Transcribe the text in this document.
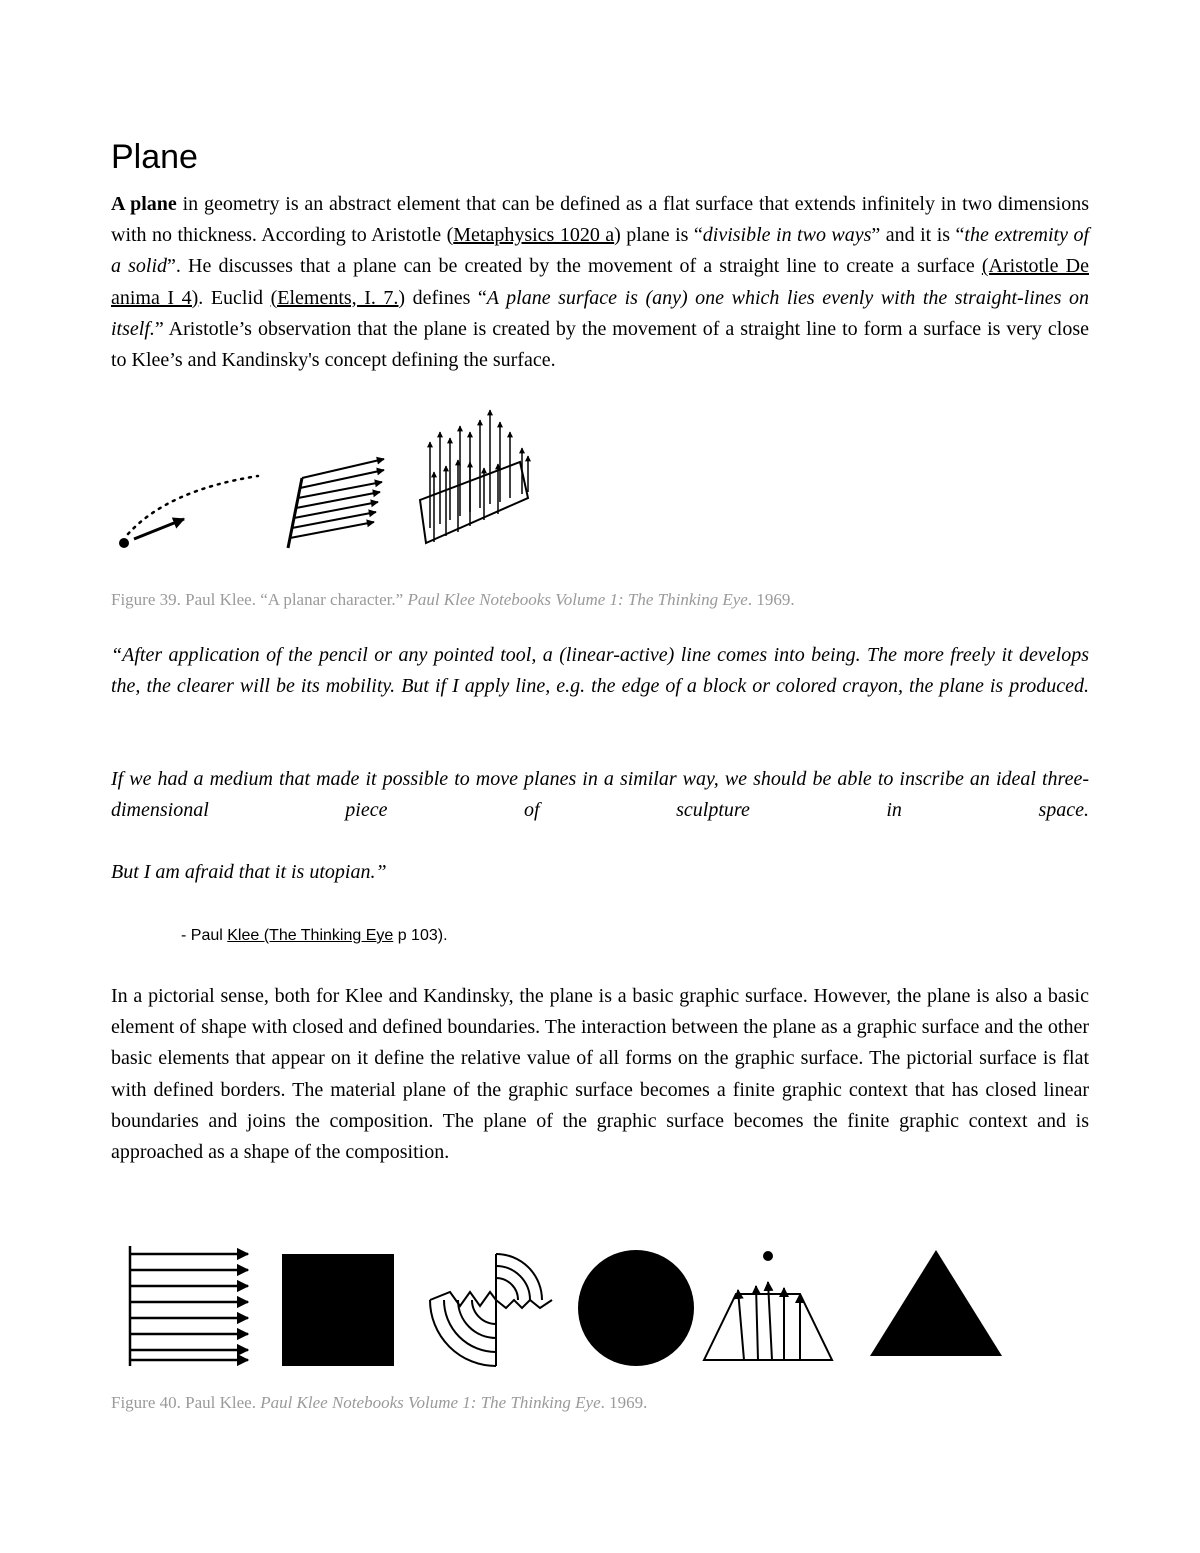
Plane

A plane in geometry is an abstract element that can be defined as a flat surface that extends infinitely in two dimensions with no thickness. According to Aristotle (Metaphysics 1020 a) plane is “divisible in two ways” and it is “the extremity of a solid”. He discusses that a plane can be created by the movement of a straight line to create a surface (Aristotle De anima I 4). Euclid (Elements, I. 7.) defines “A plane surface is (any) one which lies evenly with the straight-lines on itself.” Aristotle’s observation that the plane is created by the movement of a straight line to form a surface is very close to Klee’s and Kandinsky's concept defining the surface.

Figure 39. Paul Klee. “A planar character.” Paul Klee Notebooks Volume 1: The Thinking Eye. 1969.

“After application of the pencil or any pointed tool, a (linear-active) line comes into being. The more freely it develops the, the clearer will be its mobility. But if I apply line, e.g. the edge of a block or colored crayon, the plane is produced.

If we had a medium that made it possible to move planes in a similar way, we should be able to inscribe an ideal three-dimensional piece of sculpture in space.

But I am afraid that it is utopian.”

- Paul Klee (The Thinking Eye p 103).

In a pictorial sense, both for Klee and Kandinsky, the plane is a basic graphic surface. However, the plane is also a basic element of shape with closed and defined boundaries. The interaction between the plane as a graphic surface and the other basic elements that appear on it define the relative value of all forms on the graphic surface. The pictorial surface is flat with defined borders. The material plane of the graphic surface becomes a finite graphic context that has closed linear boundaries and joins the composition. The plane of the graphic surface becomes the finite graphic context and is approached as a shape of the composition.

Figure 40. Paul Klee. Paul Klee Notebooks Volume 1: The Thinking Eye. 1969.
